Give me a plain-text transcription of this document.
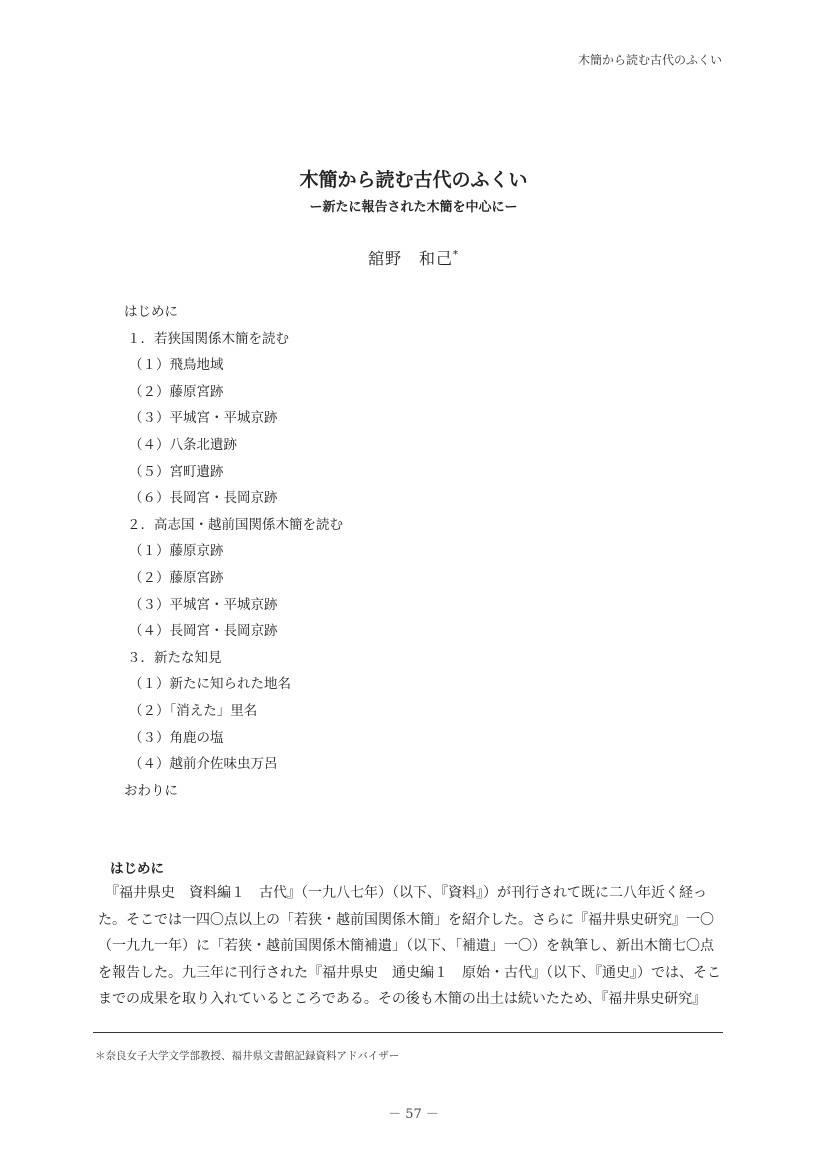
木簡から読む古代のふくい
木簡から読む古代のふくい
ー新たに報告された木簡を中心にー
舘野　和己*
はじめに
１．若狭国関係木簡を読む
（１）飛鳥地域
（２）藤原宮跡
（３）平城宮・平城京跡
（４）八条北遺跡
（５）宮町遺跡
（６）長岡宮・長岡京跡
２．高志国・越前国関係木簡を読む
（１）藤原京跡
（２）藤原宮跡
（３）平城宮・平城京跡
（４）長岡宮・長岡京跡
３．新たな知見
（１）新たに知られた地名
（２）「消えた」里名
（３）角鹿の塩
（４）越前介佐味虫万呂
おわりに
はじめに

　『福井県史　資料編１　古代』（一九八七年）（以下、『資料』）が刊行されて既に二八年近く経っ
た。そこでは一四〇点以上の「若狭・越前国関係木簡」を紹介した。さらに『福井県史研究』一〇
（一九九一年）に「若狭・越前国関係木簡補遺」（以下、「補遺」一〇）を執筆し、新出木簡七〇点
を報告した。九三年に刊行された『福井県史　通史編１　原始・古代』（以下、『通史』）では、そこ
までの成果を取り入れているところである。その後も木簡の出土は続いたため、『福井県史研究』

＊奈良女子大学文学部教授、福井県文書館記録資料アドバイザー
－ 57 －
